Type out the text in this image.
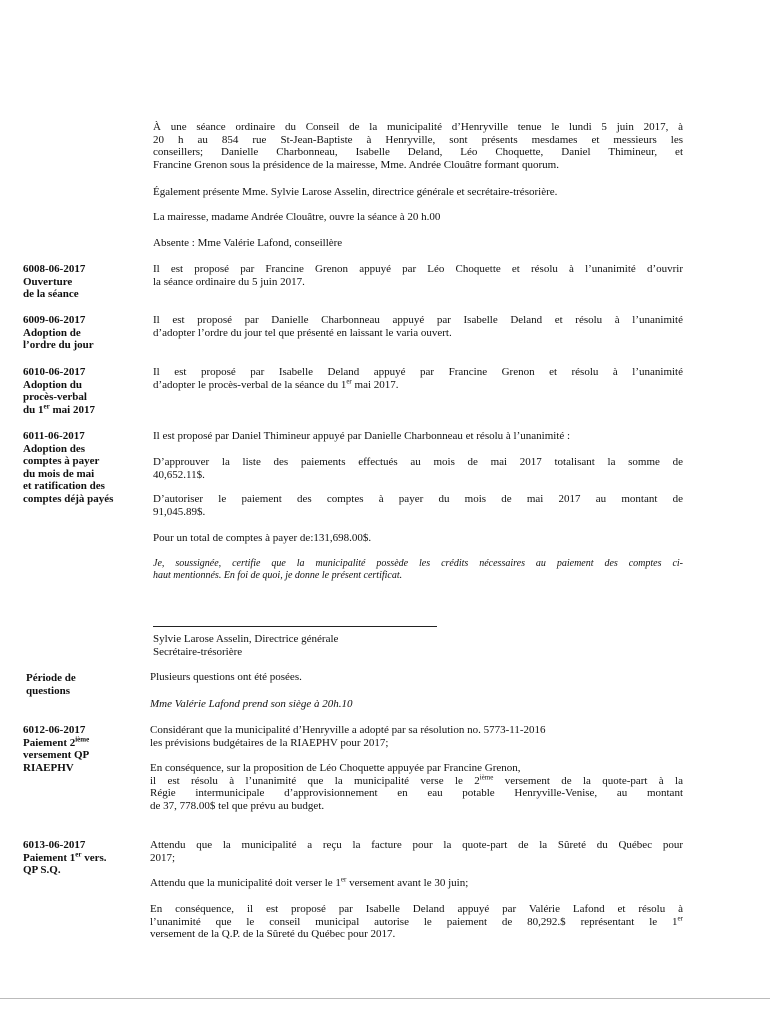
À une séance ordinaire du Conseil de la municipalité d’Henryville tenue le lundi 5 juin 2017, à
20 h au 854 rue St-Jean-Baptiste à Henryville, sont présents mesdames et messieurs les
conseillers; Danielle Charbonneau, Isabelle Deland, Léo Choquette, Daniel Thimineur, et
Francine Grenon sous la présidence de la mairesse, Mme. Andrée Clouâtre formant quorum.
Également présente Mme. Sylvie Larose Asselin, directrice générale et secrétaire-trésorière.
La mairesse, madame Andrée Clouâtre, ouvre la séance à 20 h.00
Absente : Mme Valérie Lafond, conseillère
6008-06-2017
Ouverture
de la séance
Il est proposé par Francine Grenon appuyé par Léo Choquette et résolu à l’unanimité d’ouvrir
la séance ordinaire du 5 juin 2017.
6009-06-2017
Adoption de
l’ordre du jour
Il est proposé par Danielle Charbonneau appuyé par Isabelle Deland et résolu à l’unanimité
d’adopter l’ordre du jour tel que présenté en laissant le varia ouvert.
6010-06-2017
Adoption du
procès-verbal
du 1er mai 2017
Il est proposé par Isabelle Deland appuyé par Francine Grenon et résolu à l’unanimité
d’adopter le procès-verbal de la séance du 1er mai 2017.
6011-06-2017
Adoption des
comptes à payer
du mois de mai
et ratification des
comptes déjà payés
Il est proposé par Daniel Thimineur appuyé par Danielle Charbonneau et résolu à l’unanimité :
D’approuver la liste des paiements effectués au mois de mai 2017 totalisant la somme de
40,652.11$.
D’autoriser le paiement des comptes à payer du mois de mai 2017 au montant de
91,045.89$.
Pour un total de comptes à payer de:131,698.00$.
Je, soussignée, certifie que la municipalité possède les crédits nécessaires au paiement des comptes ci-
haut mentionnés. En foi de quoi, je donne le présent certificat.
Sylvie Larose Asselin, Directrice générale
Secrétaire-trésorière
Période de
questions
Plusieurs questions ont été posées.
Mme Valérie Lafond prend son siège à 20h.10
6012-06-2017
Paiement 2ième
versement QP
RIAEPHV
Considérant que la municipalité d’Henryville a adopté par sa résolution no. 5773-11-2016
les prévisions budgétaires de la RIAEPHV pour 2017;
En conséquence, sur la proposition de Léo Choquette appuyée par Francine Grenon,
il est résolu à l’unanimité que la municipalité verse le 2ième versement de la quote-part à la
Régie intermunicipale d’approvisionnement en eau potable Henryville-Venise, au montant
de 37, 778.00$ tel que prévu au budget.
6013-06-2017
Paiement 1er vers.
QP S.Q.
Attendu que la municipalité a reçu la facture pour la quote-part de la Sûreté du Québec pour
2017;
Attendu que la municipalité doit verser le 1er versement avant le 30 juin;
En conséquence, il est proposé par Isabelle Deland appuyé par Valérie Lafond et résolu à
l’unanimité que le conseil municipal autorise le paiement de 80,292.$ représentant le 1er
versement de la Q.P. de la Sûreté du Québec pour 2017.
